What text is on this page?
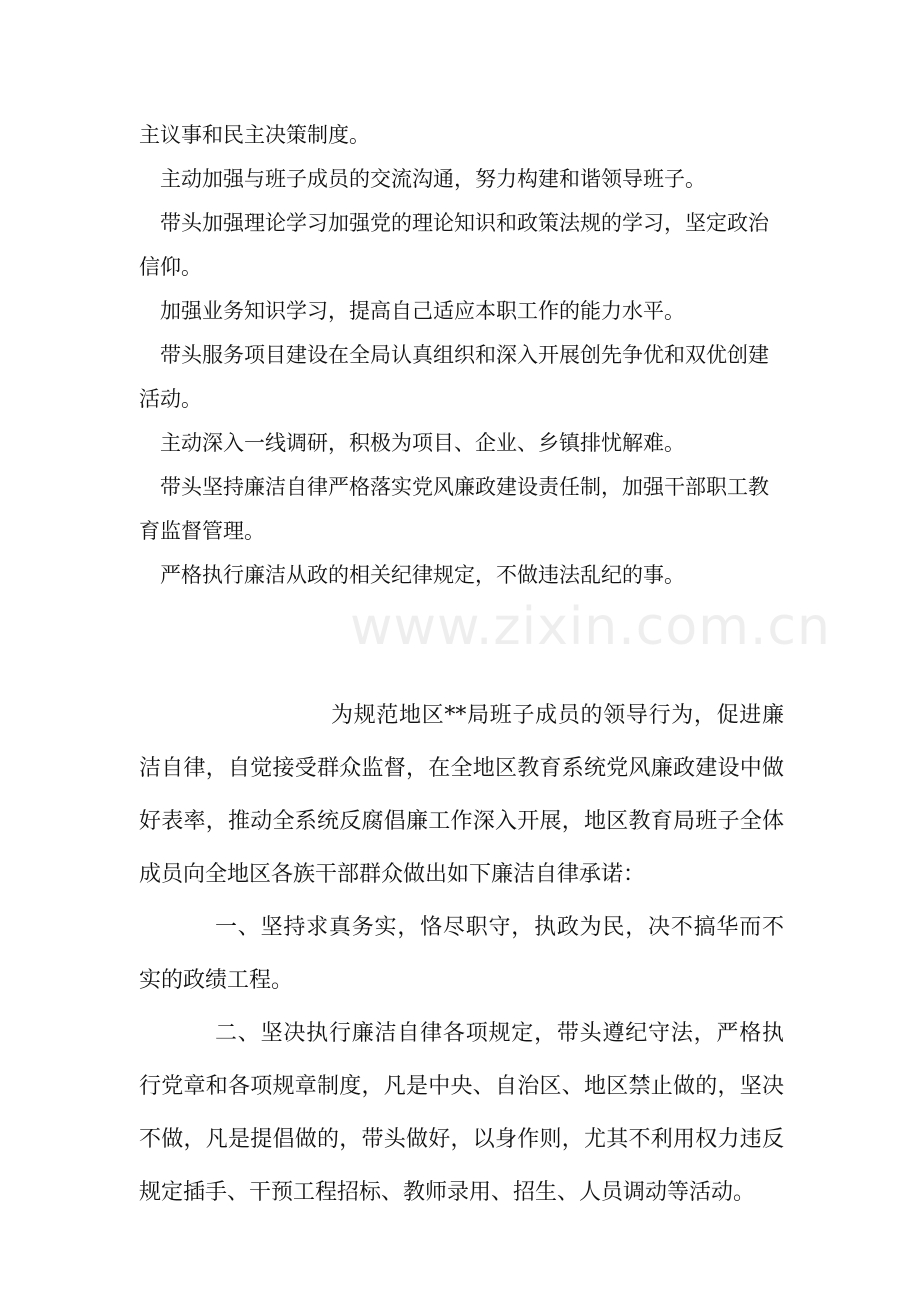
主议事和民主决策制度。

主动加强与班子成员的交流沟通，努力构建和谐领导班子。

带头加强理论学习加强党的理论知识和政策法规的学习，坚定政治信仰。

加强业务知识学习，提高自己适应本职工作的能力水平。

带头服务项目建设在全局认真组织和深入开展创先争优和双优创建活动。

主动深入一线调研，积极为项目、企业、乡镇排忧解难。

带头坚持廉洁自律严格落实党风廉政建设责任制，加强干部职工教育监督管理。

严格执行廉洁从政的相关纪律规定，不做违法乱纪的事。

为规范地区**局班子成员的领导行为，促进廉洁自律，自觉接受群众监督，在全地区教育系统党风廉政建设中做好表率，推动全系统反腐倡廉工作深入开展，地区教育局班子全体成员向全地区各族干部群众做出如下廉洁自律承诺：

一、坚持求真务实，恪尽职守，执政为民，决不搞华而不实的政绩工程。

二、坚决执行廉洁自律各项规定，带头遵纪守法，严格执行党章和各项规章制度，凡是中央、自治区、地区禁止做的，坚决不做，凡是提倡做的，带头做好，以身作则，尤其不利用权力违反规定插手、干预工程招标、教师录用、招生、人员调动等活动。

www.zixin.com.cn
